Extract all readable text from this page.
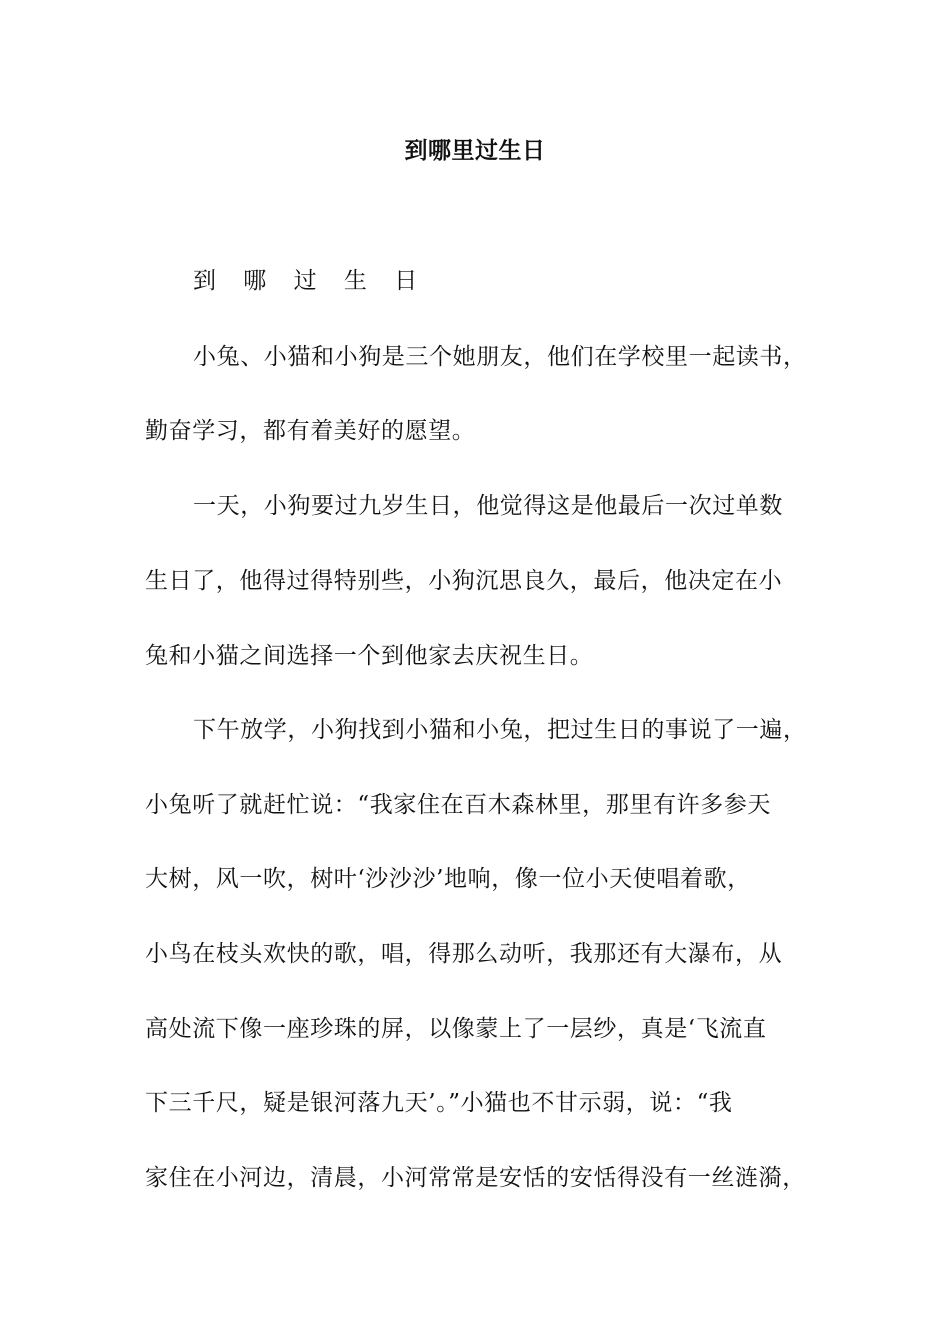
到哪里过生日
到 哪 过 生 日
小兔、小猫和小狗是三个她朋友，他们在学校里一起读书，
勤奋学习，都有着美好的愿望。
一天，小狗要过九岁生日，他觉得这是他最后一次过单数
生日了，他得过得特别些，小狗沉思良久，最后，他决定在小
兔和小猫之间选择一个到他家去庆祝生日。
下午放学，小狗找到小猫和小兔，把过生日的事说了一遍，
小兔听了就赶忙说：“我家住在百木森林里，那里有许多参天
大树，风一吹，树叶‘沙沙沙’地响，像一位小天使唱着歌，
小鸟在枝头欢快的歌，唱，得那么动听，我那还有大瀑布，从
高处流下像一座珍珠的屏，以像蒙上了一层纱，真是‘飞流直
下三千尺，疑是银河落九天’。”小猫也不甘示弱，说：“我
家住在小河边，清晨，小河常常是安恬的安恬得没有一丝涟漪，
